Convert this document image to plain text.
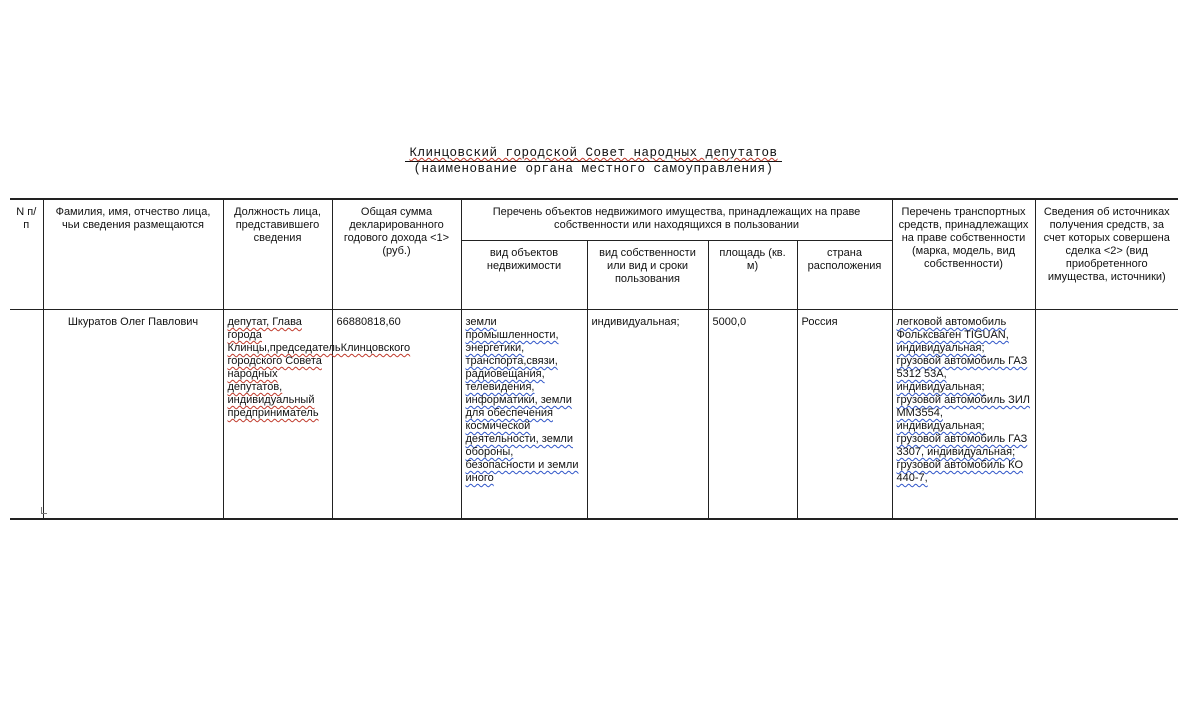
Клинцовский городской Совет народных депутатов
(наименование органа местного самоуправления)
N п/п	Фамилия, имя, отчество лица, чьи сведения размещаются	Должность лица, представившего сведения	Общая сумма декларированного годового дохода <1> (руб.)	Перечень объектов недвижимого имущества, принадлежащих на праве собственности или находящихся в пользовании				Перечень транспортных средств, принадлежащих на праве собственности (марка, модель, вид собственности)	Сведения об источниках получения средств, за счет которых совершена сделка <2> (вид приобретенного имущества, источники)
				вид объектов недвижимости	вид собственности или вид и сроки пользования	площадь (кв. м)	страна расположения		
	Шкуратов Олег Павлович	депутат, Глава города Клинцы,председательКлинцовского городского Совета народных депутатов, индивидуальный предприниматель	66880818,60	земли промышленности, энергетики, транспорта,связи, радиовещания, телевидения, информатики, земли для обеспечения космической деятельности, земли обороны, безопасности и земли иного	индивидуальная;	5000,0	Россия	легковой автомобиль Фольксваген TIGUAN, индивидуальная; грузовой автомобиль ГАЗ 5312 53А, индивидуальная; грузовой автомобиль ЗИЛ ММЗ554, индивидуальная; грузовой автомобиль ГАЗ 3307, индивидуальная; грузовой автомобиль КО 440-7,	
